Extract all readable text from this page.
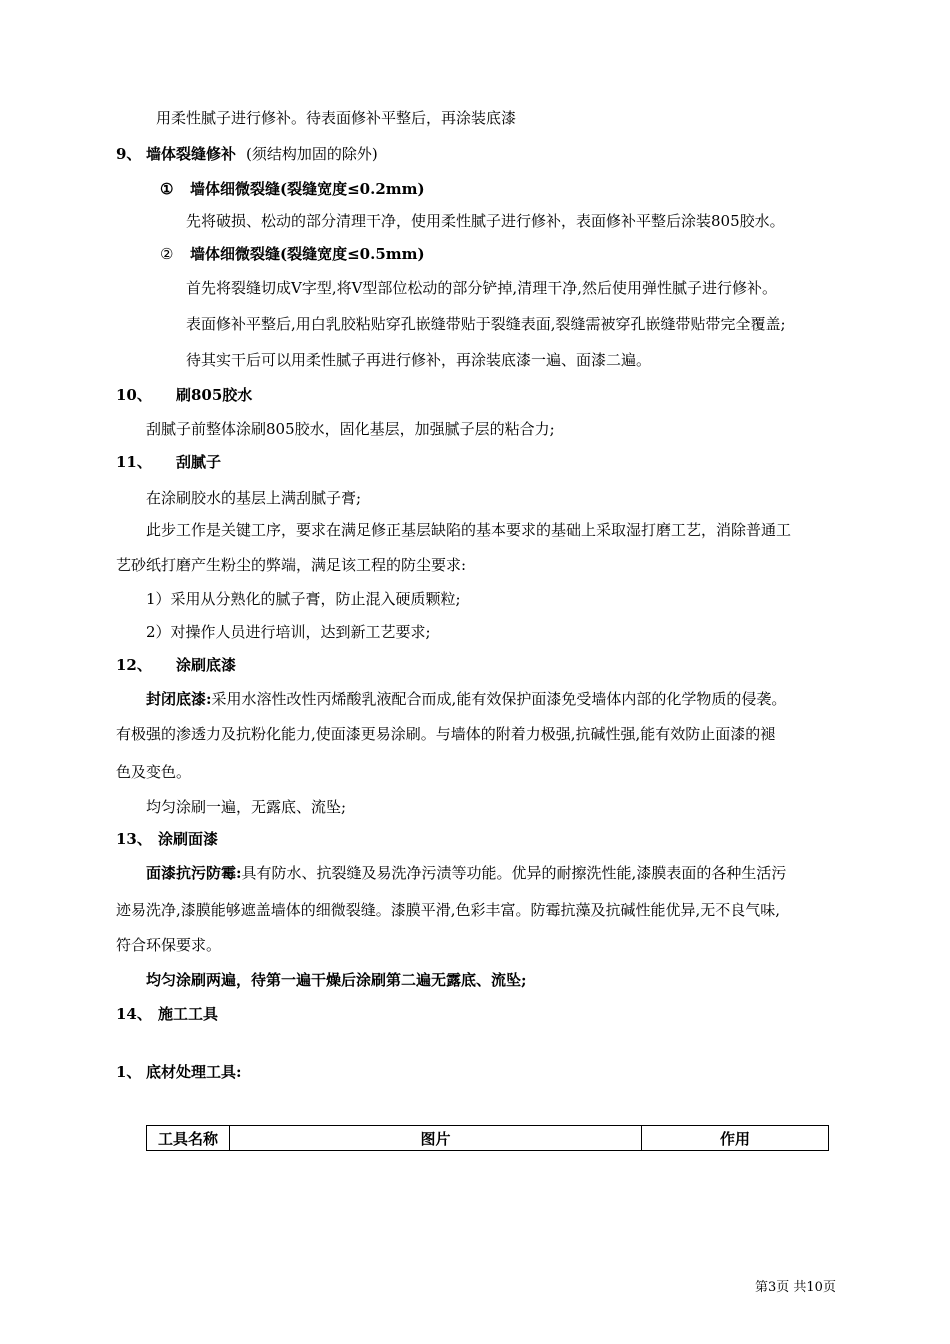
用柔性腻子进行修补。待表面修补平整后，再涂装底漆
9、 墙体裂缝修补 (须结构加固的除外)
① 墙体细微裂缝(裂缝宽度≤0.2mm)
先将破损、松动的部分清理干净，使用柔性腻子进行修补，表面修补平整后涂装805胶水。
② 墙体细微裂缝(裂缝宽度≤0.5mm)
首先将裂缝切成V字型,将V型部位松动的部分铲掉,清理干净,然后使用弹性腻子进行修补。
表面修补平整后,用白乳胶粘贴穿孔嵌缝带贴于裂缝表面,裂缝需被穿孔嵌缝带贴带完全覆盖;
待其实干后可以用柔性腻子再进行修补，再涂装底漆一遍、面漆二遍。
10、 刷805胶水
刮腻子前整体涂刷805胶水，固化基层，加强腻子层的粘合力;
11、 刮腻子
在涂刷胶水的基层上满刮腻子膏;
此步工作是关键工序，要求在满足修正基层缺陷的基本要求的基础上采取湿打磨工艺，消除普通工
艺砂纸打磨产生粉尘的弊端，满足该工程的防尘要求:
1）采用从分熟化的腻子膏，防止混入硬质颗粒;
2）对操作人员进行培训，达到新工艺要求;
12、 涂刷底漆
封闭底漆:采用水溶性改性丙烯酸乳液配合而成,能有效保护面漆免受墙体内部的化学物质的侵袭。
有极强的渗透力及抗粉化能力,使面漆更易涂刷。与墙体的附着力极强,抗碱性强,能有效防止面漆的褪
色及变色。
均匀涂刷一遍，无露底、流坠;
13、 涂刷面漆
面漆抗污防霉:具有防水、抗裂缝及易洗净污渍等功能。优异的耐擦洗性能,漆膜表面的各种生活污
迹易洗净,漆膜能够遮盖墙体的细微裂缝。漆膜平滑,色彩丰富。防霉抗藻及抗碱性能优异,无不良气味,
符合环保要求。
均匀涂刷两遍，待第一遍干燥后涂刷第二遍无露底、流坠;
14、 施工工具
1、 底材处理工具:
工具名称	图片	作用
第3页 共10页
